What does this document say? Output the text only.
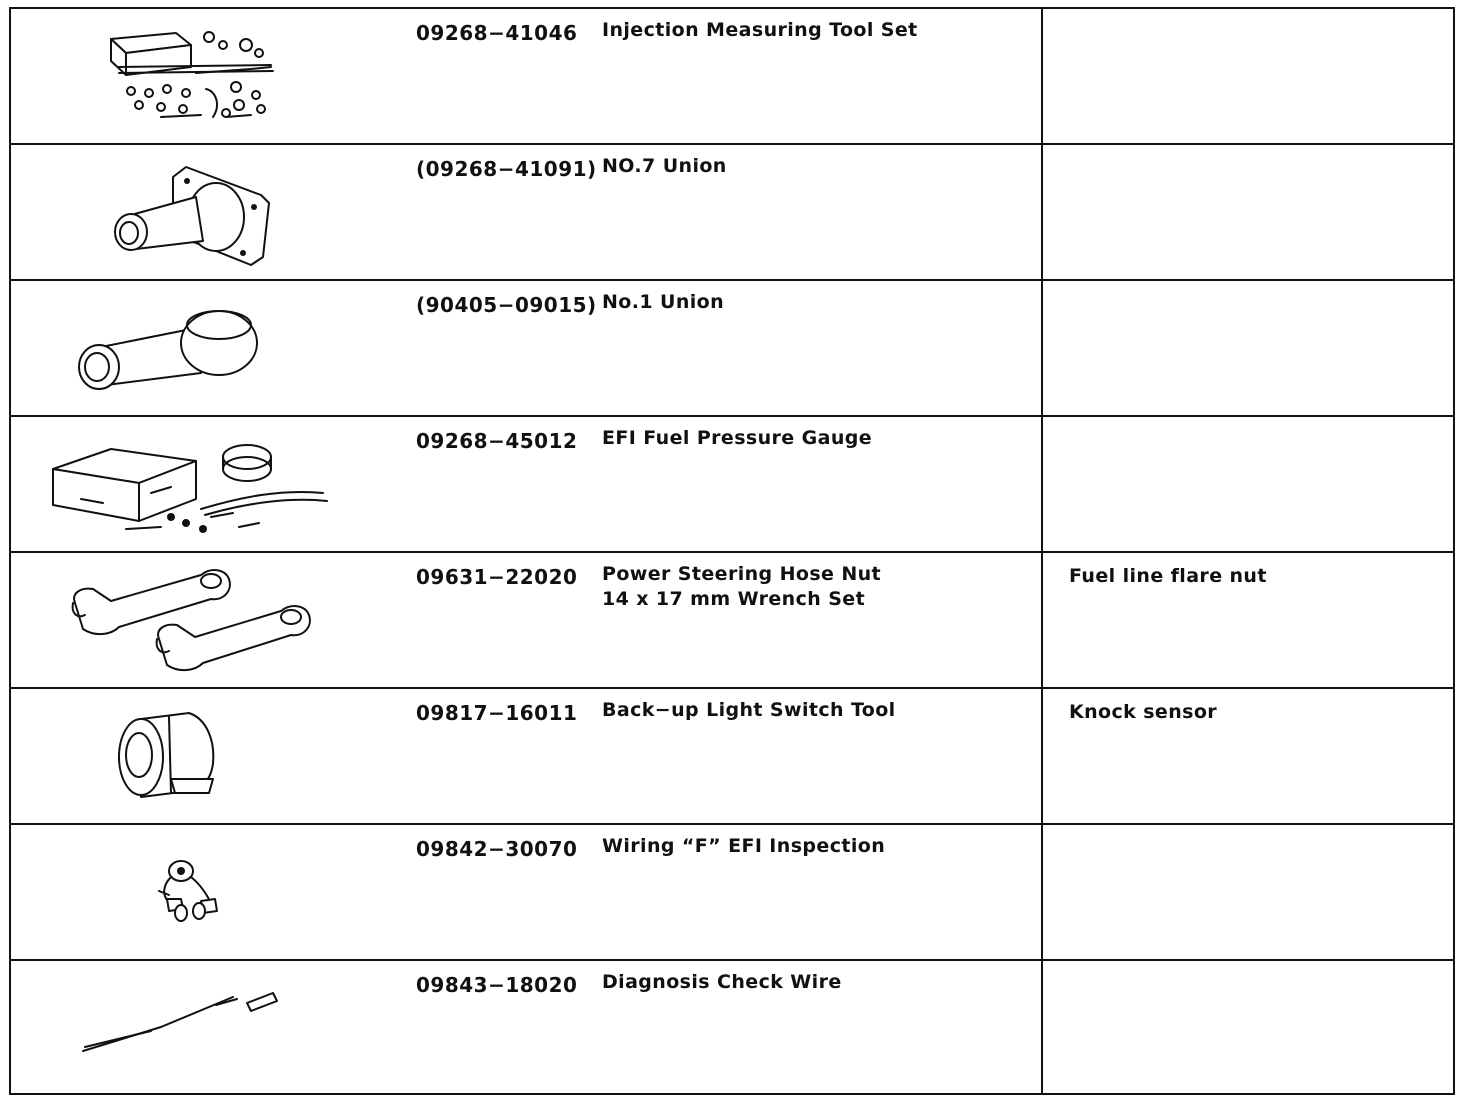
09268−41046 Injection Measuring Tool Set
(09268−41091) NO.7 Union
(90405−09015) No.1 Union
09268−45012 EFI Fuel Pressure Gauge
09631−22020 Power Steering Hose Nut
14 x 17 mm Wrench Set
Fuel line flare nut
09817−16011 Back−up Light Switch Tool	Knock sensor
09842−30070 Wiring “F” EFI Inspection
09843−18020 Diagnosis Check Wire
